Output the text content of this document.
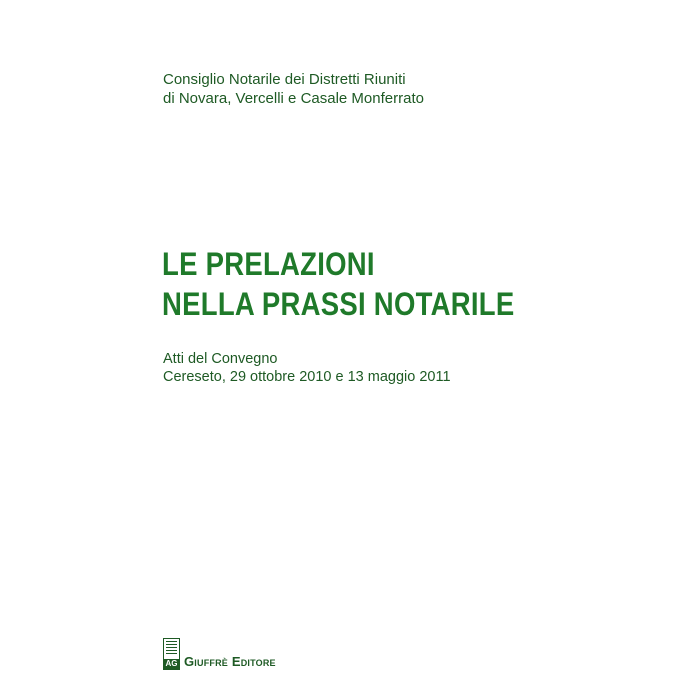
Consiglio Notarile dei Distretti Riuniti
di Novara, Vercelli e Casale Monferrato
LE PRELAZIONI
NELLA PRASSI NOTARILE
Atti del Convegno
Cereseto, 29 ottobre 2010 e 13 maggio 2011
AG Giuffrè Editore
